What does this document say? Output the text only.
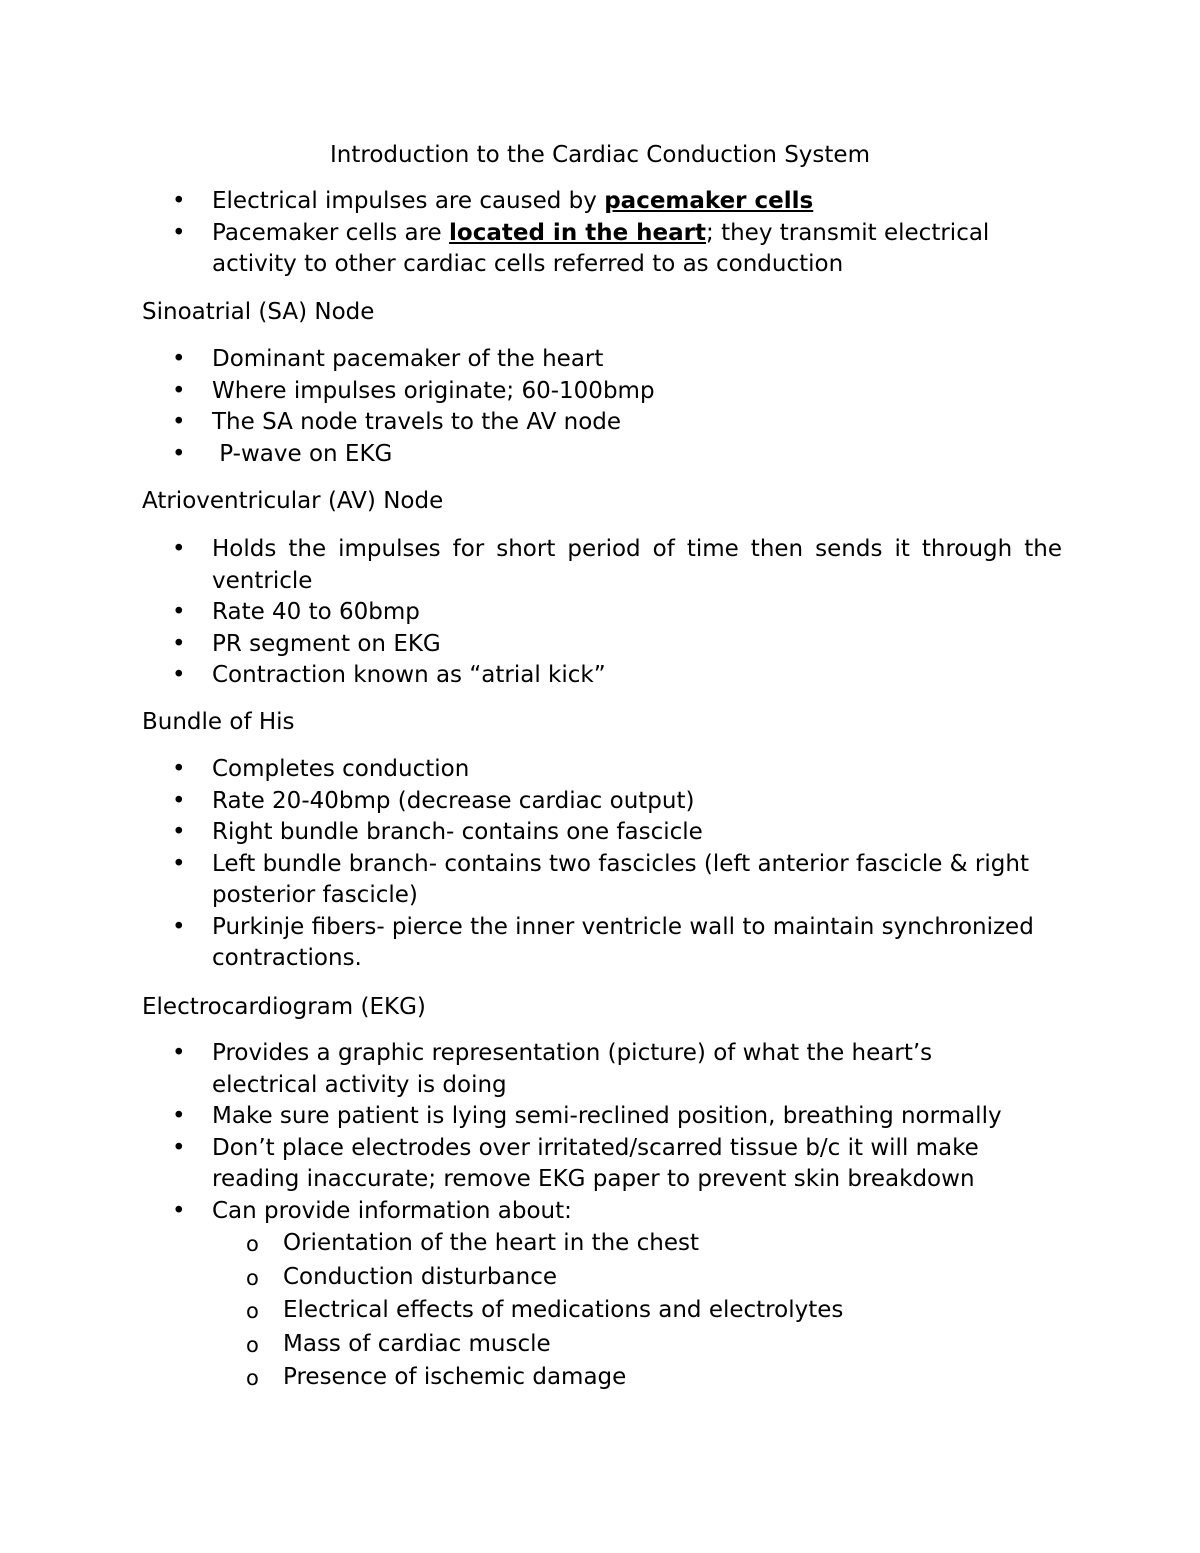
Introduction to the Cardiac Conduction System
• Electrical impulses are caused by pacemaker cells
• Pacemaker cells are located in the heart; they transmit electrical activity to other cardiac cells referred to as conduction
Sinoatrial (SA) Node
• Dominant pacemaker of the heart
• Where impulses originate; 60-100bmp
• The SA node travels to the AV node
• P-wave on EKG
Atrioventricular (AV) Node
• Holds the impulses for short period of time then sends it through the ventricle
• Rate 40 to 60bmp
• PR segment on EKG
• Contraction known as “atrial kick”
Bundle of His
• Completes conduction
• Rate 20-40bmp (decrease cardiac output)
• Right bundle branch- contains one fascicle
• Left bundle branch- contains two fascicles (left anterior fascicle & right posterior fascicle)
• Purkinje fibers- pierce the inner ventricle wall to maintain synchronized contractions.
Electrocardiogram (EKG)
• Provides a graphic representation (picture) of what the heart’s electrical activity is doing
• Make sure patient is lying semi-reclined position, breathing normally
• Don’t place electrodes over irritated/scarred tissue b/c it will make reading inaccurate; remove EKG paper to prevent skin breakdown
• Can provide information about:
o Orientation of the heart in the chest
o Conduction disturbance
o Electrical effects of medications and electrolytes
o Mass of cardiac muscle
o Presence of ischemic damage
